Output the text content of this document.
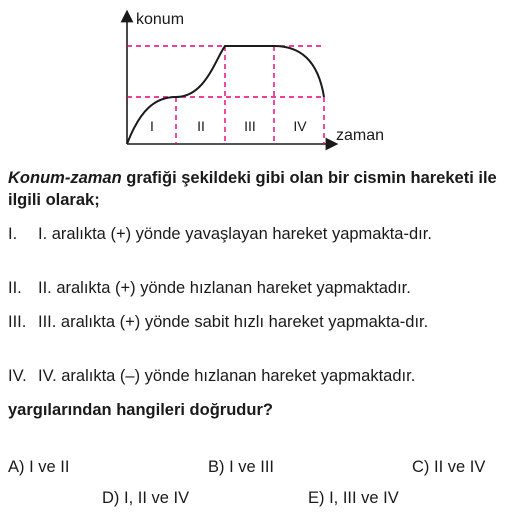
konum
zaman
I	II	III	IV
Konum-zaman grafiği şekildeki gibi olan bir cismin hareketi ile ilgili olarak;
I. I. aralıkta (+) yönde yavaşlayan hareket yapmakta-dır.
II. II. aralıkta (+) yönde hızlanan hareket yapmaktadır.
III. III. aralıkta (+) yönde sabit hızlı hareket yapmakta-dır.
IV. IV. aralıkta (–) yönde hızlanan hareket yapmaktadır.
yargılarından hangileri doğrudur?
A) I ve II	B) I ve III	C) II ve IV
D) I, II ve IV	E) I, III ve IV
